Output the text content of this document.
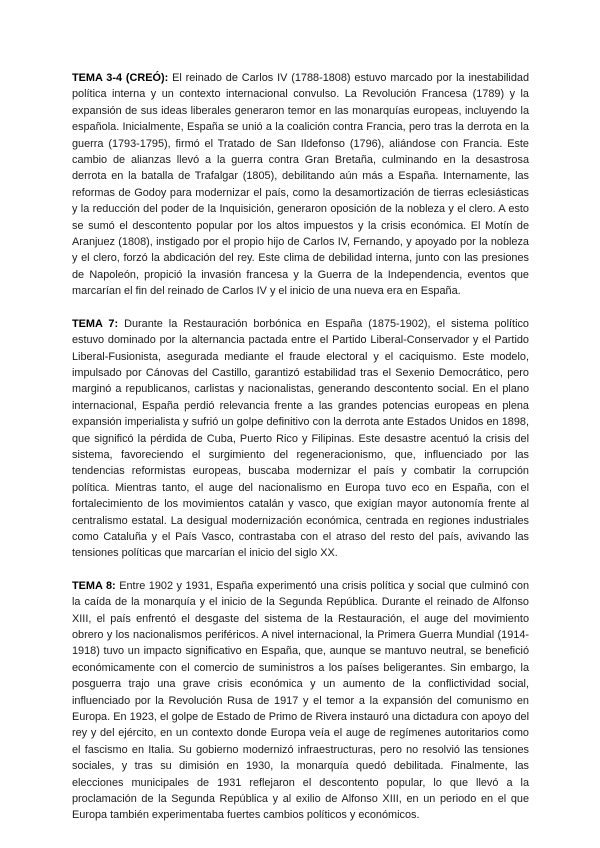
TEMA 3-4 (CREÓ): El reinado de Carlos IV (1788-1808) estuvo marcado por la inestabilidad política interna y un contexto internacional convulso. La Revolución Francesa (1789) y la expansión de sus ideas liberales generaron temor en las monarquías europeas, incluyendo la española. Inicialmente, España se unió a la coalición contra Francia, pero tras la derrota en la guerra (1793-1795), firmó el Tratado de San Ildefonso (1796), aliándose con Francia. Este cambio de alianzas llevó a la guerra contra Gran Bretaña, culminando en la desastrosa derrota en la batalla de Trafalgar (1805), debilitando aún más a España. Internamente, las reformas de Godoy para modernizar el país, como la desamortización de tierras eclesiásticas y la reducción del poder de la Inquisición, generaron oposición de la nobleza y el clero. A esto se sumó el descontento popular por los altos impuestos y la crisis económica. El Motín de Aranjuez (1808), instigado por el propio hijo de Carlos IV, Fernando, y apoyado por la nobleza y el clero, forzó la abdicación del rey. Este clima de debilidad interna, junto con las presiones de Napoleón, propició la invasión francesa y la Guerra de la Independencia, eventos que marcarían el fin del reinado de Carlos IV y el inicio de una nueva era en España.

TEMA 7: Durante la Restauración borbónica en España (1875-1902), el sistema político estuvo dominado por la alternancia pactada entre el Partido Liberal-Conservador y el Partido Liberal-Fusionista, asegurada mediante el fraude electoral y el caciquismo. Este modelo, impulsado por Cánovas del Castillo, garantizó estabilidad tras el Sexenio Democrático, pero marginó a republicanos, carlistas y nacionalistas, generando descontento social. En el plano internacional, España perdió relevancia frente a las grandes potencias europeas en plena expansión imperialista y sufrió un golpe definitivo con la derrota ante Estados Unidos en 1898, que significó la pérdida de Cuba, Puerto Rico y Filipinas. Este desastre acentuó la crisis del sistema, favoreciendo el surgimiento del regeneracionismo, que, influenciado por las tendencias reformistas europeas, buscaba modernizar el país y combatir la corrupción política. Mientras tanto, el auge del nacionalismo en Europa tuvo eco en España, con el fortalecimiento de los movimientos catalán y vasco, que exigían mayor autonomía frente al centralismo estatal. La desigual modernización económica, centrada en regiones industriales como Cataluña y el País Vasco, contrastaba con el atraso del resto del país, avivando las tensiones políticas que marcarían el inicio del siglo XX.

TEMA 8: Entre 1902 y 1931, España experimentó una crisis política y social que culminó con la caída de la monarquía y el inicio de la Segunda República. Durante el reinado de Alfonso XIII, el país enfrentó el desgaste del sistema de la Restauración, el auge del movimiento obrero y los nacionalismos periféricos. A nivel internacional, la Primera Guerra Mundial (1914-1918) tuvo un impacto significativo en España, que, aunque se mantuvo neutral, se benefició económicamente con el comercio de suministros a los países beligerantes. Sin embargo, la posguerra trajo una grave crisis económica y un aumento de la conflictividad social, influenciado por la Revolución Rusa de 1917 y el temor a la expansión del comunismo en Europa. En 1923, el golpe de Estado de Primo de Rivera instauró una dictadura con apoyo del rey y del ejército, en un contexto donde Europa veía el auge de regímenes autoritarios como el fascismo en Italia. Su gobierno modernizó infraestructuras, pero no resolvió las tensiones sociales, y tras su dimisión en 1930, la monarquía quedó debilitada. Finalmente, las elecciones municipales de 1931 reflejaron el descontento popular, lo que llevó a la proclamación de la Segunda República y al exilio de Alfonso XIII, en un periodo en el que Europa también experimentaba fuertes cambios políticos y económicos.
